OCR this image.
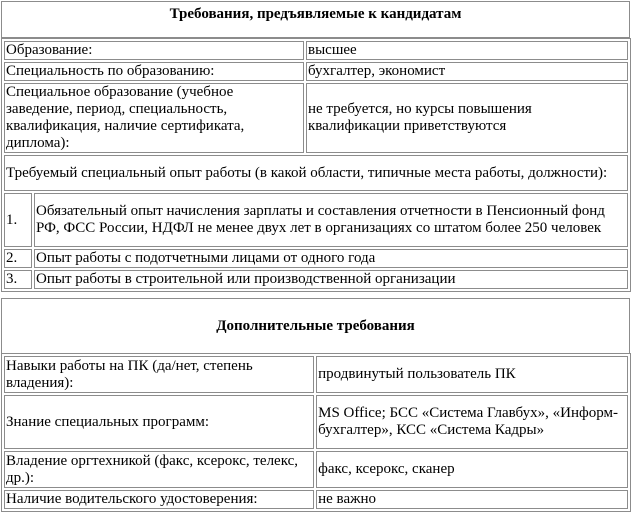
Требования, предъявляемые к кандидатам
Образование:		высшее
Специальность по образованию:		бухгалтер, экономист
Специальное образование (учебное заведение, период, специальность, квалификация, наличие сертификата, диплома):		не требуется, но курсы повышения квалификации приветствуются
Требуемый специальный опыт работы (в какой области, типичные места работы, должности):		
1.	Обязательный опыт начисления зарплаты и составления отчетности в Пенсионный фонд РФ, ФСС России, НДФЛ не менее двух лет в организациях со штатом более 250 человек	
2.	Опыт работы с подотчетными лицами от одного года	
3.	Опыт работы в строительной или производственной организации	
Дополнительные требования
Навыки работы на ПК (да/нет, степень владения):	продвинутый пользователь ПК
Знание специальных программ:	MS Office; БСС «Система Главбух», «Информ-бухгалтер», КСС «Система Кадры»
Владение оргтехникой (факс, ксерокс, телекс, др.):	факс, ксерокс, сканер
Наличие водительского удостоверения:	не важно
